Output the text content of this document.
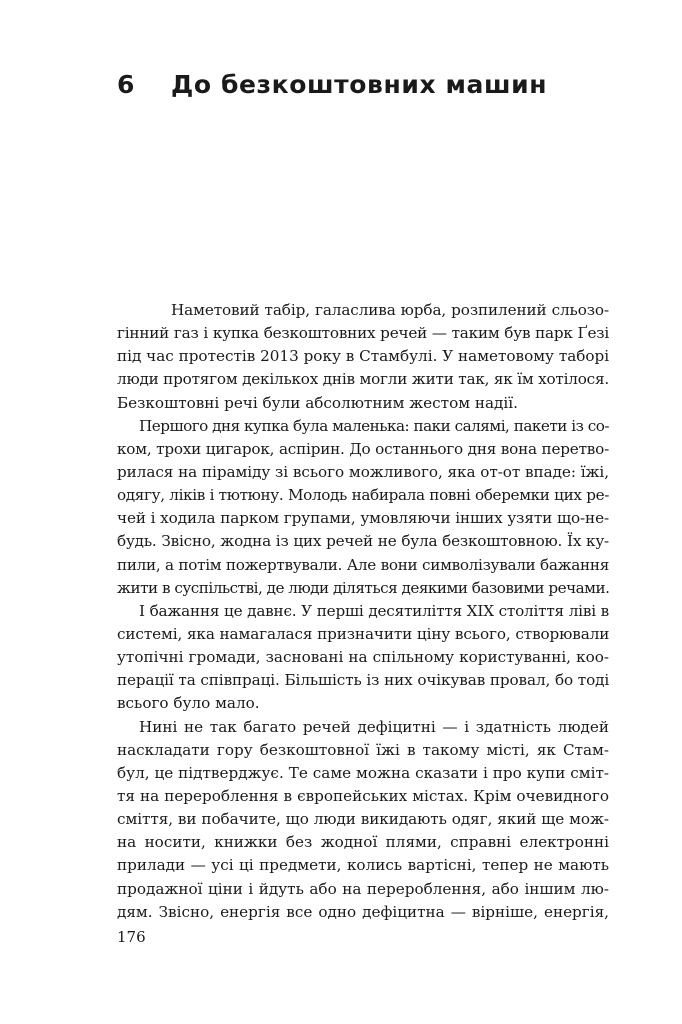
6 До безкоштовних машин

Наметовий табір, галаслива юрба, розпилений сльозо-
гінний газ і купка безкоштовних речей — таким був парк Ґезі
під час протестів 2013 року в Стамбулі. У наметовому таборі
люди протягом декількох днів могли жити так, як їм хотілося.
Безкоштовні речі були абсолютним жестом надії.

Першого дня купка була маленька: паки салямі, пакети із со-
ком, трохи цигарок, аспірин. До останнього дня вона перетво-
рилася на піраміду зі всього можливого, яка от-от впаде: їжі,
одягу, ліків і тютюну. Молодь набирала повні оберемки цих ре-
чей і ходила парком групами, умовляючи інших узяти що-не-
будь. Звісно, жодна із цих речей не була безкоштовною. Їх ку-
пили, а потім пожертвували. Але вони символізували бажання
жити в суспільстві, де люди діляться деякими базовими речами.

І бажання це давнє. У перші десятиліття XIX століття ліві в
системі, яка намагалася призначити ціну всього, створювали
утопічні громади, засновані на спільному користуванні, коо-
перації та співпраці. Більшість із них очікував провал, бо тоді
всього було мало.

Нині не так багато речей дефіцитні — і здатність людей
наскладати гору безкоштовної їжі в такому місті, як Стам-
бул, це підтверджує. Те саме можна сказати і про купи сміт-
тя на перероблення в європейських містах. Крім очевидного
сміття, ви побачите, що люди викидають одяг, який ще мож-
на носити, книжки без жодної плями, справні електронні
прилади — усі ці предмети, колись вартісні, тепер не мають
продажної ціни і йдуть або на перероблення, або іншим лю-
дям. Звісно, енергія все одно дефіцитна — вірніше, енергія,

176
